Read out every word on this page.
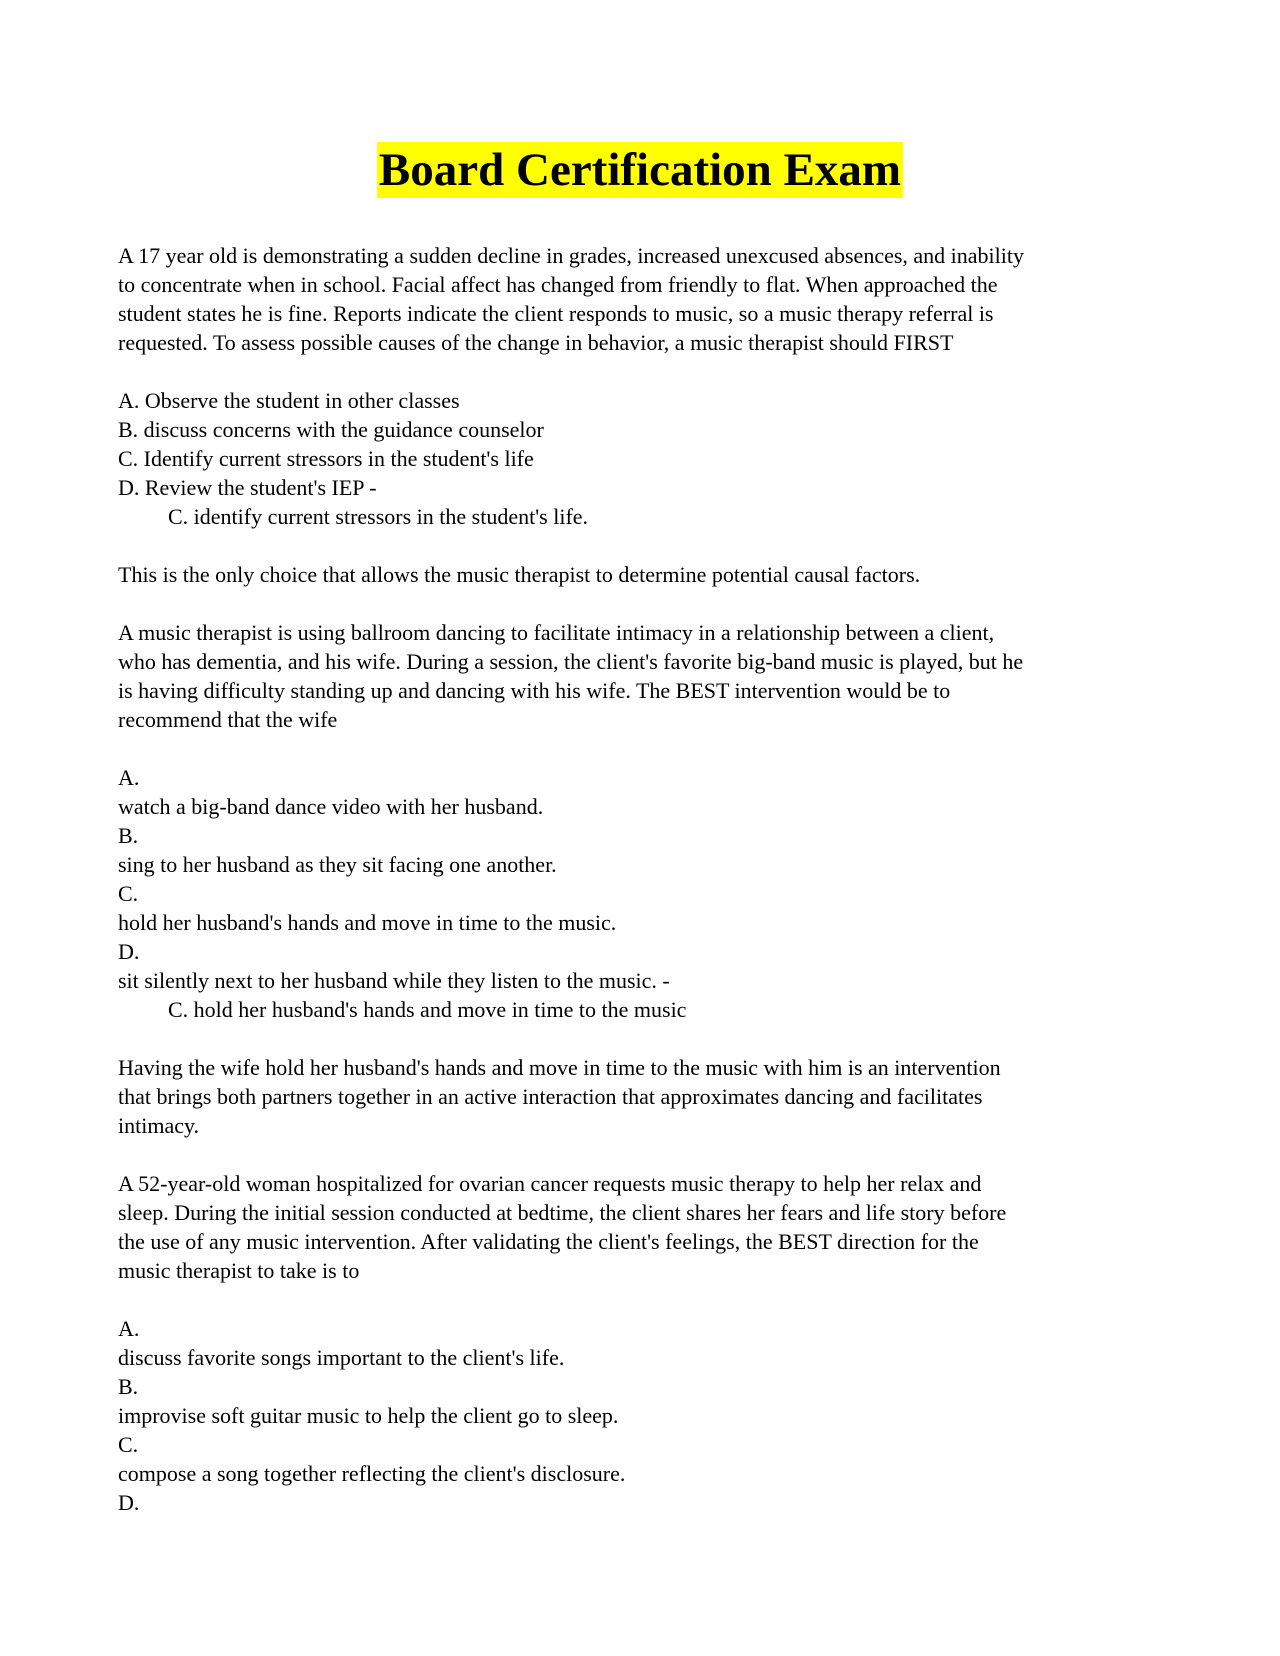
Board Certification Exam
A 17 year old is demonstrating a sudden decline in grades, increased unexcused absences, and inability
to concentrate when in school. Facial affect has changed from friendly to flat. When approached the
student states he is fine. Reports indicate the client responds to music, so a music therapy referral is
requested. To assess possible causes of the change in behavior, a music therapist should FIRST
A. Observe the student in other classes
B. discuss concerns with the guidance counselor
C. Identify current stressors in the student's life
D. Review the student's IEP -
C. identify current stressors in the student's life.
This is the only choice that allows the music therapist to determine potential causal factors.
A music therapist is using ballroom dancing to facilitate intimacy in a relationship between a client,
who has dementia, and his wife. During a session, the client's favorite big-band music is played, but he
is having difficulty standing up and dancing with his wife. The BEST intervention would be to
recommend that the wife
A.
watch a big-band dance video with her husband.
B.
sing to her husband as they sit facing one another.
C.
hold her husband's hands and move in time to the music.
D.
sit silently next to her husband while they listen to the music. -
C. hold her husband's hands and move in time to the music
Having the wife hold her husband's hands and move in time to the music with him is an intervention
that brings both partners together in an active interaction that approximates dancing and facilitates
intimacy.
A 52-year-old woman hospitalized for ovarian cancer requests music therapy to help her relax and
sleep. During the initial session conducted at bedtime, the client shares her fears and life story before
the use of any music intervention. After validating the client's feelings, the BEST direction for the
music therapist to take is to
A.
discuss favorite songs important to the client's life.
B.
improvise soft guitar music to help the client go to sleep.
C.
compose a song together reflecting the client's disclosure.
D.
